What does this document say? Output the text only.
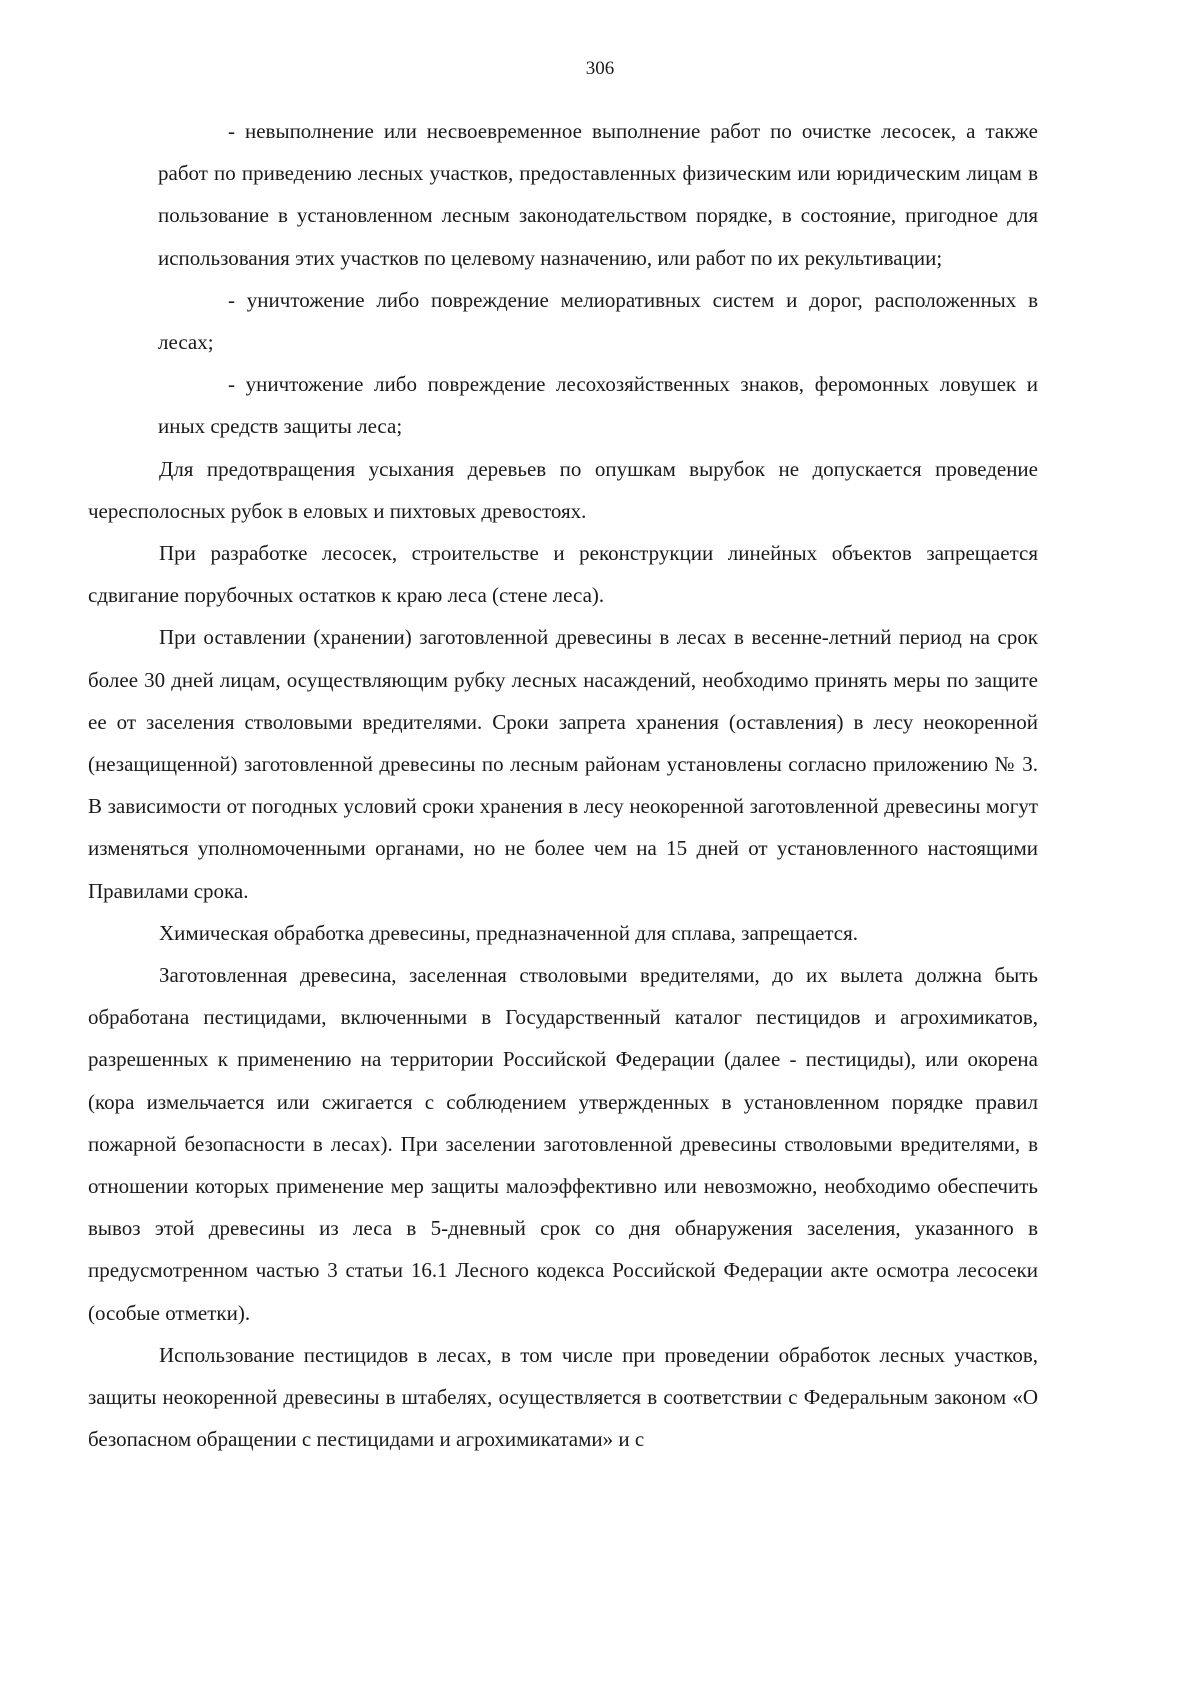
306

- невыполнение или несвоевременное выполнение работ по очистке лесосек, а также работ по приведению лесных участков, предоставленных физическим или юридическим лицам в пользование в установленном лесным законодательством порядке, в состояние, пригодное для использования этих участков по целевому назначению, или работ по их рекультивации;

- уничтожение либо повреждение мелиоративных систем и дорог, расположенных в лесах;

- уничтожение либо повреждение лесохозяйственных знаков, феромонных ловушек и иных средств защиты леса;

Для предотвращения усыхания деревьев по опушкам вырубок не допускается проведение чересполосных рубок в еловых и пихтовых древостоях.

При разработке лесосек, строительстве и реконструкции линейных объектов запрещается сдвигание порубочных остатков к краю леса (стене леса).

При оставлении (хранении) заготовленной древесины в лесах в весенне-летний период на срок более 30 дней лицам, осуществляющим рубку лесных насаждений, необходимо принять меры по защите ее от заселения стволовыми вредителями. Сроки запрета хранения (оставления) в лесу неокоренной (незащищенной) заготовленной древесины по лесным районам установлены согласно приложению № 3. В зависимости от погодных условий сроки хранения в лесу неокоренной заготовленной древесины могут изменяться уполномоченными органами, но не более чем на 15 дней от установленного настоящими Правилами срока.

Химическая обработка древесины, предназначенной для сплава, запрещается.

Заготовленная древесина, заселенная стволовыми вредителями, до их вылета должна быть обработана пестицидами, включенными в Государственный каталог пестицидов и агрохимикатов, разрешенных к применению на территории Российской Федерации (далее - пестициды), или окорена (кора измельчается или сжигается с соблюдением утвержденных в установленном порядке правил пожарной безопасности в лесах). При заселении заготовленной древесины стволовыми вредителями, в отношении которых применение мер защиты малоэффективно или невозможно, необходимо обеспечить вывоз этой древесины из леса в 5-дневный срок со дня обнаружения заселения, указанного в предусмотренном частью 3 статьи 16.1 Лесного кодекса Российской Федерации акте осмотра лесосеки (особые отметки).

Использование пестицидов в лесах, в том числе при проведении обработок лесных участков, защиты неокоренной древесины в штабелях, осуществляется в соответствии с Федеральным законом «О безопасном обращении с пестицидами и агрохимикатами» и с
